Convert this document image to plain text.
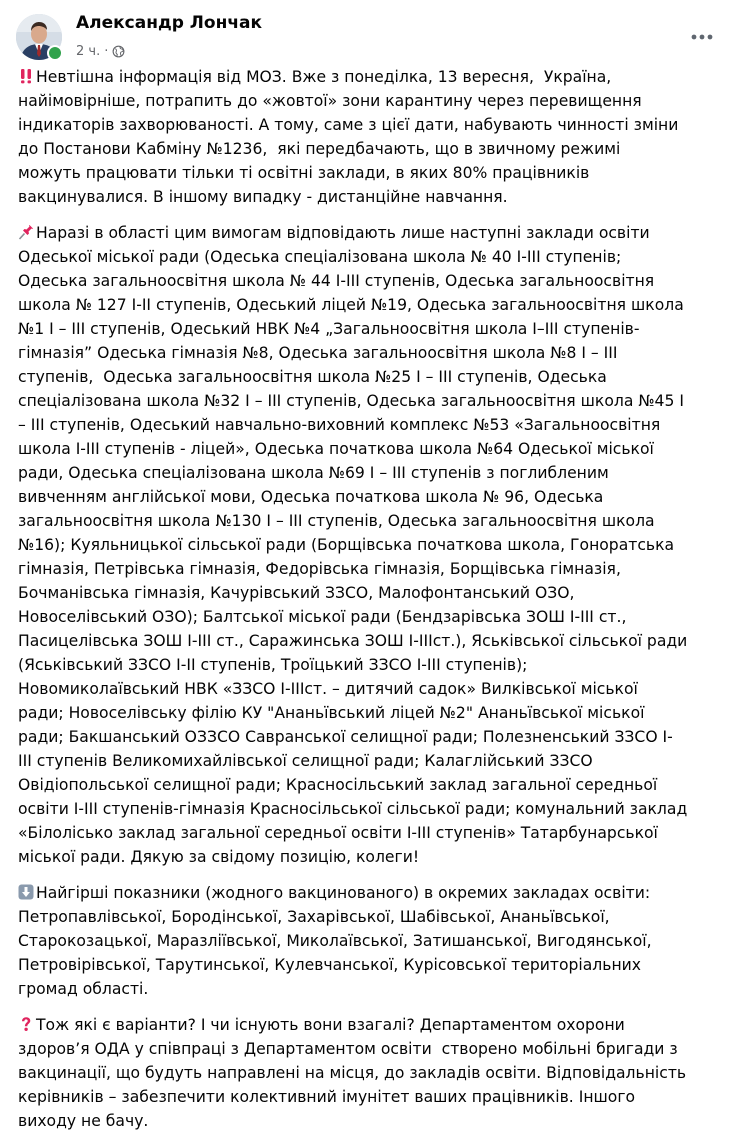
Александр Лончак
2 ч. ·

Невтішна інформація від МОЗ. Вже з понеділка, 13 вересня,  Україна,
найімовірніше, потрапить до «жовтої» зони карантину через перевищення
індикаторів захворюваності. А тому, саме з цієї дати, набувають чинності зміни
до Постанови Кабміну №1236,  які передбачають, що в звичному режимі
можуть працювати тільки ті освітні заклади, в яких 80% працівників
вакцинувалися. В іншому випадку - дистанційне навчання.

Наразі в області цим вимогам відповідають лише наступні заклади освіти
Одеської міської ради (Одеська спеціалізована школа № 40 І-ІІІ ступенів;
Одеська загальноосвітня школа № 44 І-ІІІ ступенів, Одеська загальноосвітня
школа № 127 І-ІІ ступенів, Одеський ліцей №19, Одеська загальноосвітня школа
№1 І – ІІІ ступенів, Одеський НВК №4 „Загальноосвітня школа І–ІІІ ступенів-
гімназія” Одеська гімназія №8, Одеська загальноосвітня школа №8 І – ІІІ
ступенів,  Одеська загальноосвітня школа №25 І – ІІІ ступенів, Одеська
спеціалізована школа №32 І – ІІІ ступенів, Одеська загальноосвітня школа №45 І
– ІІІ ступенів, Одеський навчально-виховний комплекс №53 «Загальноосвітня
школа І-ІІІ ступенів - ліцей», Одеська початкова школа №64 Одеської міської
ради, Одеська спеціалізована школа №69 І – ІІІ ступенів з поглибленим
вивченням англійської мови, Одеська початкова школа № 96, Одеська
загальноосвітня школа №130 І – ІІІ ступенів, Одеська загальноосвітня школа
№16); Куяльницької сільської ради (Борщівська початкова школа, Гоноратська
гімназія, Петрівська гімназія, Федорівська гімназія, Борщівська гімназія,
Бочманівська гімназія, Качурівський ЗЗСО, Малофонтанський ОЗО,
Новоселівський ОЗО); Балтської міської ради (Бендзарівська ЗОШ І-ІІІ ст.,
Пасицелівська ЗОШ І-ІІІ ст., Саражинська ЗОШ І-ІІІст.), Яськівської сільської ради
(Яськівський ЗЗСО І-ІІ ступенів, Троїцький ЗЗСО І-ІІІ ступенів);
Новомиколаївський НВК «ЗЗСО І-ІІІст. – дитячий садок» Вилківської міської
ради; Новоселівську філію КУ "Ананьївський ліцей №2" Ананьївської міської
ради; Бакшанський ОЗЗСО Савранської селищної ради; Полезненський ЗЗСО І-
ІІІ ступенів Великомихайлівської селищної ради; Калаглійський ЗЗСО
Овідіопольської селищної ради; Красносільський заклад загальної середньої
освіти І-ІІІ ступенів-гімназія Красносільської сільської ради; комунальний заклад
«Білолісько заклад загальної середньої освіти І-ІІІ ступенів» Татарбунарської
міської ради. Дякую за свідому позицію, колеги!

Найгірші показники (жодного вакцинованого) в окремих закладах освіти:
Петропавлівської, Бородінської, Захарівської, Шабівської, Ананьївської,
Старокозацької, Маразліївської, Миколаївської, Затишанської, Вигодянської,
Петровірівської, Тарутинської, Кулевчанської, Курісовської територіальних
громад області.

Тож які є варіанти? І чи існують вони взагалі? Департаментом охорони
здоров’я ОДА у співпраці з Департаментом освіти  створено мобільні бригади з
вакцинації, що будуть направлені на місця, до закладів освіти. Відповідальність
керівників – забезпечити колективний імунітет ваших працівників. Іншого
виходу не бачу.
